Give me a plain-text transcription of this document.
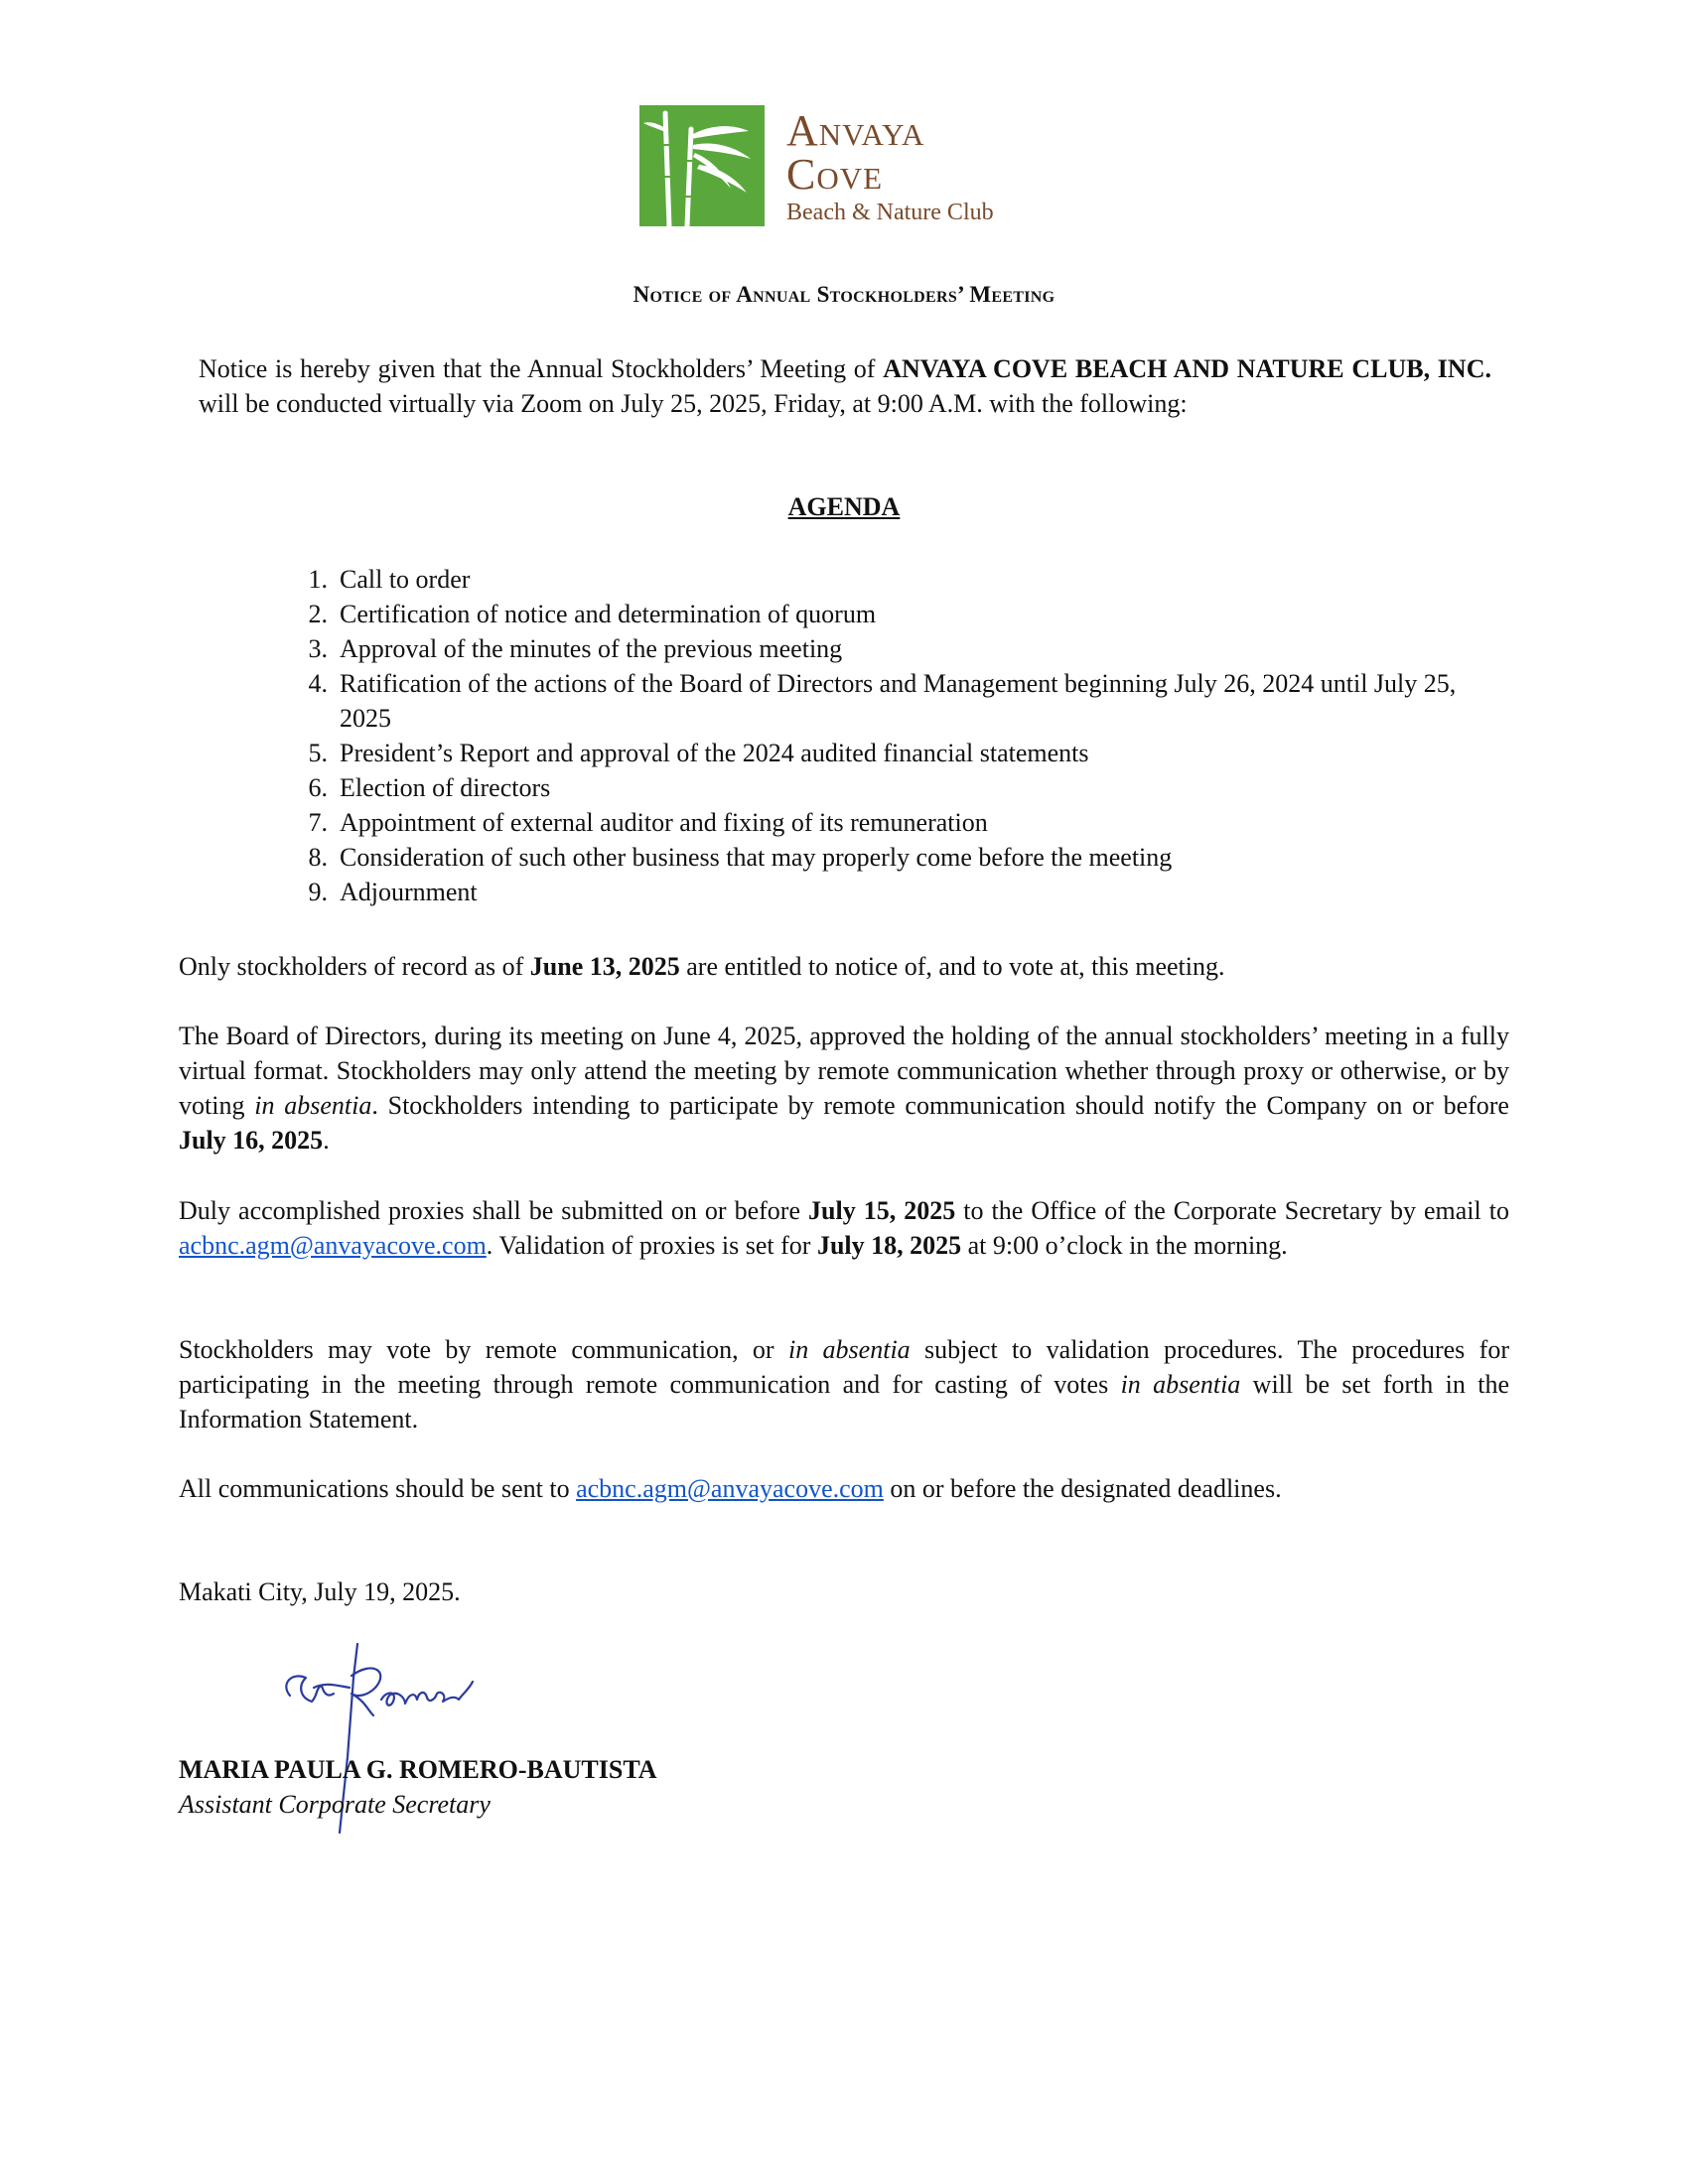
Anvaya
Cove
Beach & Nature Club
Notice of Annual Stockholders’ Meeting
Notice is hereby given that the Annual Stockholders’ Meeting of ANVAYA COVE BEACH AND NATURE CLUB, INC. will be conducted virtually via Zoom on July 25, 2025, Friday, at 9:00 A.M. with the following:
AGENDA
1. Call to order
2. Certification of notice and determination of quorum
3. Approval of the minutes of the previous meeting
4. Ratification of the actions of the Board of Directors and Management beginning July 26, 2024 until July 25, 2025
5. President’s Report and approval of the 2024 audited financial statements
6. Election of directors
7. Appointment of external auditor and fixing of its remuneration
8. Consideration of such other business that may properly come before the meeting
9. Adjournment
Only stockholders of record as of June 13, 2025 are entitled to notice of, and to vote at, this meeting.
The Board of Directors, during its meeting on June 4, 2025, approved the holding of the annual stockholders’ meeting in a fully virtual format. Stockholders may only attend the meeting by remote communication whether through proxy or otherwise, or by voting in absentia. Stockholders intending to participate by remote communication should notify the Company on or before July 16, 2025.
Duly accomplished proxies shall be submitted on or before July 15, 2025 to the Office of the Corporate Secretary by email to acbnc.agm@anvayacove.com. Validation of proxies is set for July 18, 2025 at 9:00 o’clock in the morning.
Stockholders may vote by remote communication, or in absentia subject to validation procedures. The procedures for participating in the meeting through remote communication and for casting of votes in absentia will be set forth in the Information Statement.
All communications should be sent to acbnc.agm@anvayacove.com on or before the designated deadlines.
Makati City, July 19, 2025.
MARIA PAULA G. ROMERO-BAUTISTA
Assistant Corporate Secretary
